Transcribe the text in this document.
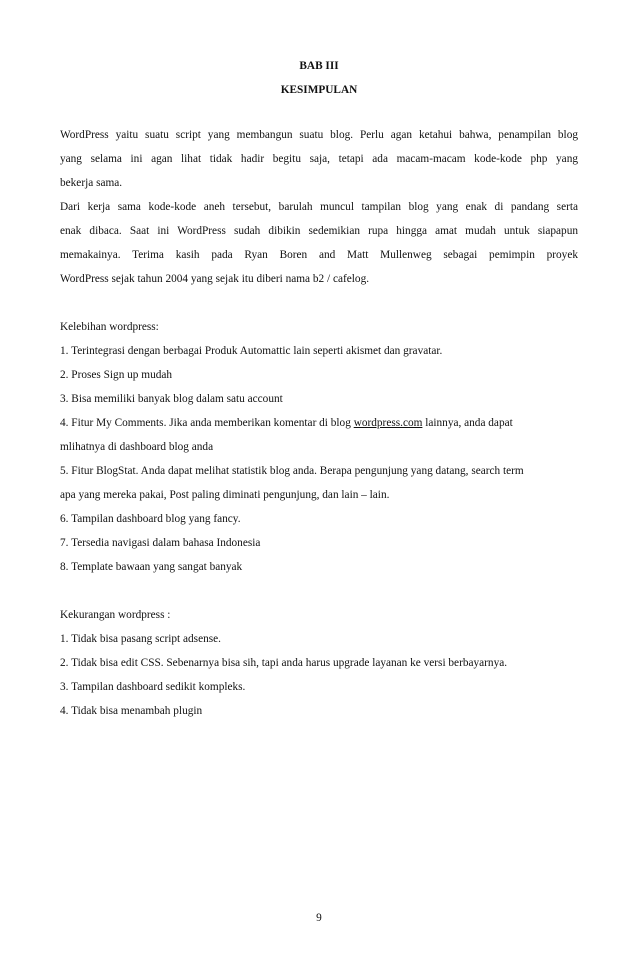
BAB III
KESIMPULAN
WordPress yaitu suatu script yang membangun suatu blog. Perlu agan ketahui bahwa, penampilan blog
yang selama ini agan lihat tidak hadir begitu saja, tetapi ada macam-macam kode-kode php yang
bekerja sama.
Dari kerja sama kode-kode aneh tersebut, barulah muncul tampilan blog yang enak di pandang serta
enak dibaca. Saat ini WordPress sudah dibikin sedemikian rupa hingga amat mudah untuk siapapun
memakainya. Terima kasih pada Ryan Boren and Matt Mullenweg sebagai pemimpin proyek
WordPress sejak tahun 2004 yang sejak itu diberi nama b2 / cafelog.
Kelebihan wordpress:
1. Terintegrasi dengan berbagai Produk Automattic lain seperti akismet dan gravatar.
2. Proses Sign up mudah
3. Bisa memiliki banyak blog dalam satu account
4. Fitur My Comments. Jika anda memberikan komentar di blog wordpress.com lainnya, anda dapat
mlihatnya di dashboard blog anda
5. Fitur BlogStat. Anda dapat melihat statistik blog anda. Berapa pengunjung yang datang, search term
apa yang mereka pakai, Post paling diminati pengunjung, dan lain – lain.
6. Tampilan dashboard blog yang fancy.
7. Tersedia navigasi dalam bahasa Indonesia
8. Template bawaan yang sangat banyak
Kekurangan wordpress :
1. Tidak bisa pasang script adsense.
2. Tidak bisa edit CSS. Sebenarnya bisa sih, tapi anda harus upgrade layanan ke versi berbayarnya.
3. Tampilan dashboard sedikit kompleks.
4. Tidak bisa menambah plugin
9
